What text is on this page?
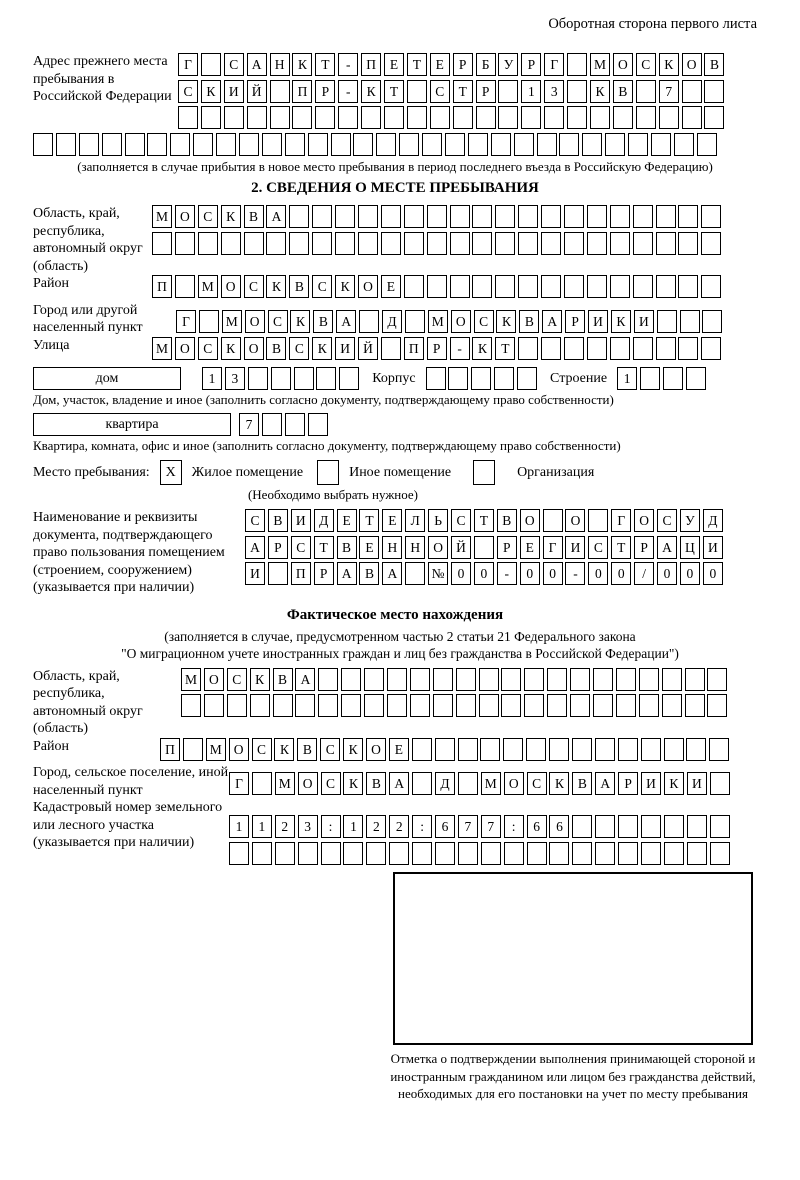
Оборотная сторона первого листа
Адрес прежнего места пребывания в Российской Федерации
Г	С	А Н	К	Т	-	П	Е	Т	Е	Р	Б	У	Р	Г	М О	С	К	О	В
С	К	И Й	П	Р	-	К	Т	С	Т	Р	1	3	К	В	7
(заполняется в случае прибытия в новое место пребывания в период последнего въезда в Российскую Федерацию)
2. СВЕДЕНИЯ О МЕСТЕ ПРЕБЫВАНИЯ
Область, край, республика, автономный округ (область)
М О	С	К	В	А
Район	П	М О	С	К	В	С	К	О	Е
Город или другой населенный пункт	Г	М О	С	К	В	А	Д	М О	С	К	В	А	Р	И	К	И
Улица	М О	С	К	О	В	С	К	И Й	П	Р	-	К	Т
дом	1	3	Корпус	Строение	1
Дом, участок, владение и иное (заполнить согласно документу, подтверждающему право собственности)
квартира	7
Квартира, комната, офис и иное (заполнить согласно документу, подтверждающему право собственности)
Место пребывания:	X	Жилое помещение	Иное помещение	Организация
(Необходимо выбрать нужное)
Наименование и реквизиты документа, подтверждающего право пользования помещением (строением, сооружением) (указывается при наличии)
С	В	И Д	Е	Т	Е	Л	Ь	С	Т	В	О	О	Г	О	С	У	Д
А	Р	С	Т	В	Е	Н Н О Й	Р	Е	Г	И	С	Т	Р	А Ц И
И	П	Р	А	В	А	№ 0	0	-	0	0	-	0	0	/	0	0	0
Фактическое место нахождения
(заполняется в случае, предусмотренном частью 2 статьи 21 Федерального закона
"О миграционном учете иностранных граждан и лиц без гражданства в Российской Федерации")
Область, край, республика, автономный округ (область)
М О	С	К	В	А
Район	П	М О	С	К	В	С	К	О	Е
Город, сельское поселение, иной населенный пункт	Г	М О	С	К	В	А	Д	М О	С	К	В	А	Р	И	К	И
Кадастровый номер земельного или лесного участка (указывается при наличии)
1	1	2	3	:	1	2	2	:	6	7	7	:	6	6
Отметка о подтверждении выполнения принимающей стороной и иностранным гражданином или лицом без гражданства действий, необходимых для его постановки на учет по месту пребывания
